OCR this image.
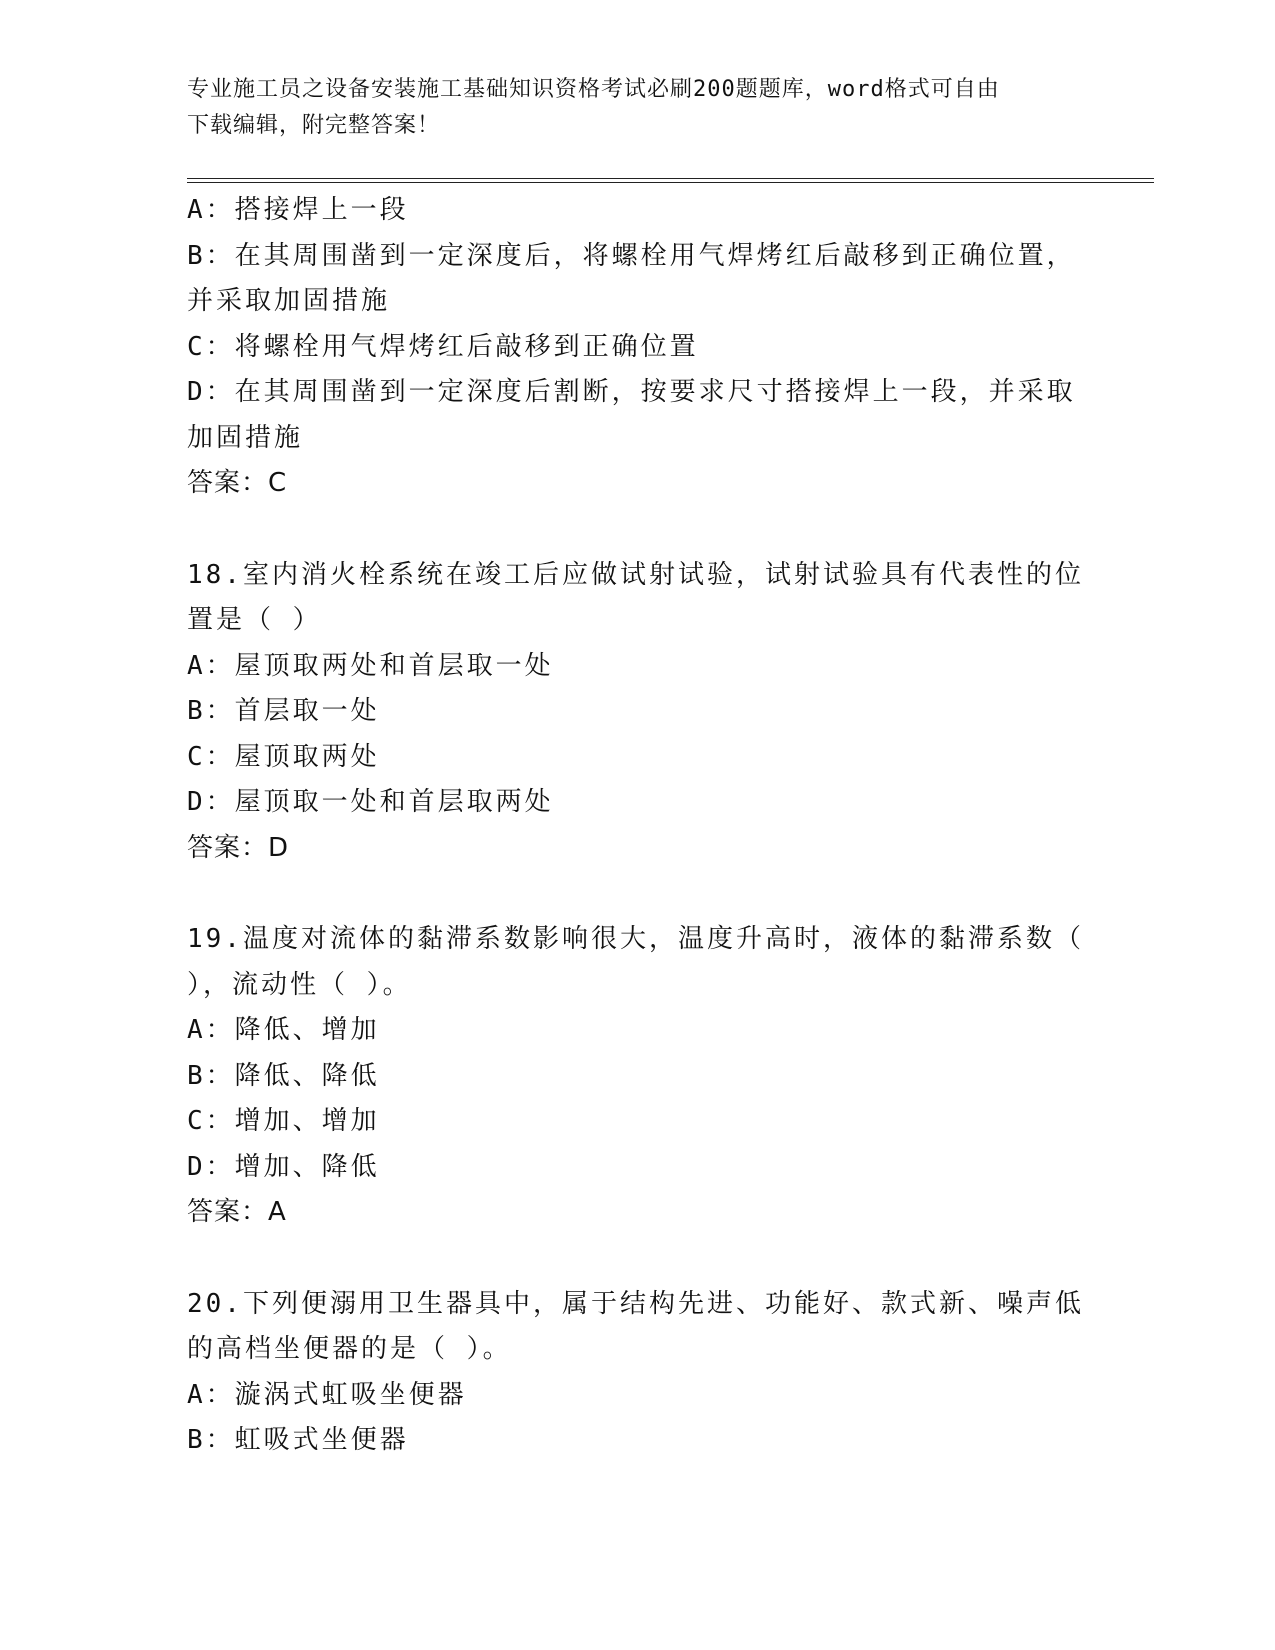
专业施工员之设备安装施工基础知识资格考试必刷200题题库，word格式可自由
下载编辑，附完整答案！
A：搭接焊上一段
B：在其周围凿到一定深度后，将螺栓用气焊烤红后敲移到正确位置，
并采取加固措施
C：将螺栓用气焊烤红后敲移到正确位置
D：在其周围凿到一定深度后割断，按要求尺寸搭接焊上一段，并采取
加固措施
答案：C
18.室内消火栓系统在竣工后应做试射试验，试射试验具有代表性的位
置是（ ）
A：屋顶取两处和首层取一处
B：首层取一处
C：屋顶取两处
D：屋顶取一处和首层取两处
答案：D
19.温度对流体的黏滞系数影响很大，温度升高时，液体的黏滞系数（
），流动性（ ）。
A：降低、增加
B：降低、降低
C：增加、增加
D：增加、降低
答案：A
20.下列便溺用卫生器具中，属于结构先进、功能好、款式新、噪声低
的高档坐便器的是（ ）。
A：漩涡式虹吸坐便器
B：虹吸式坐便器
